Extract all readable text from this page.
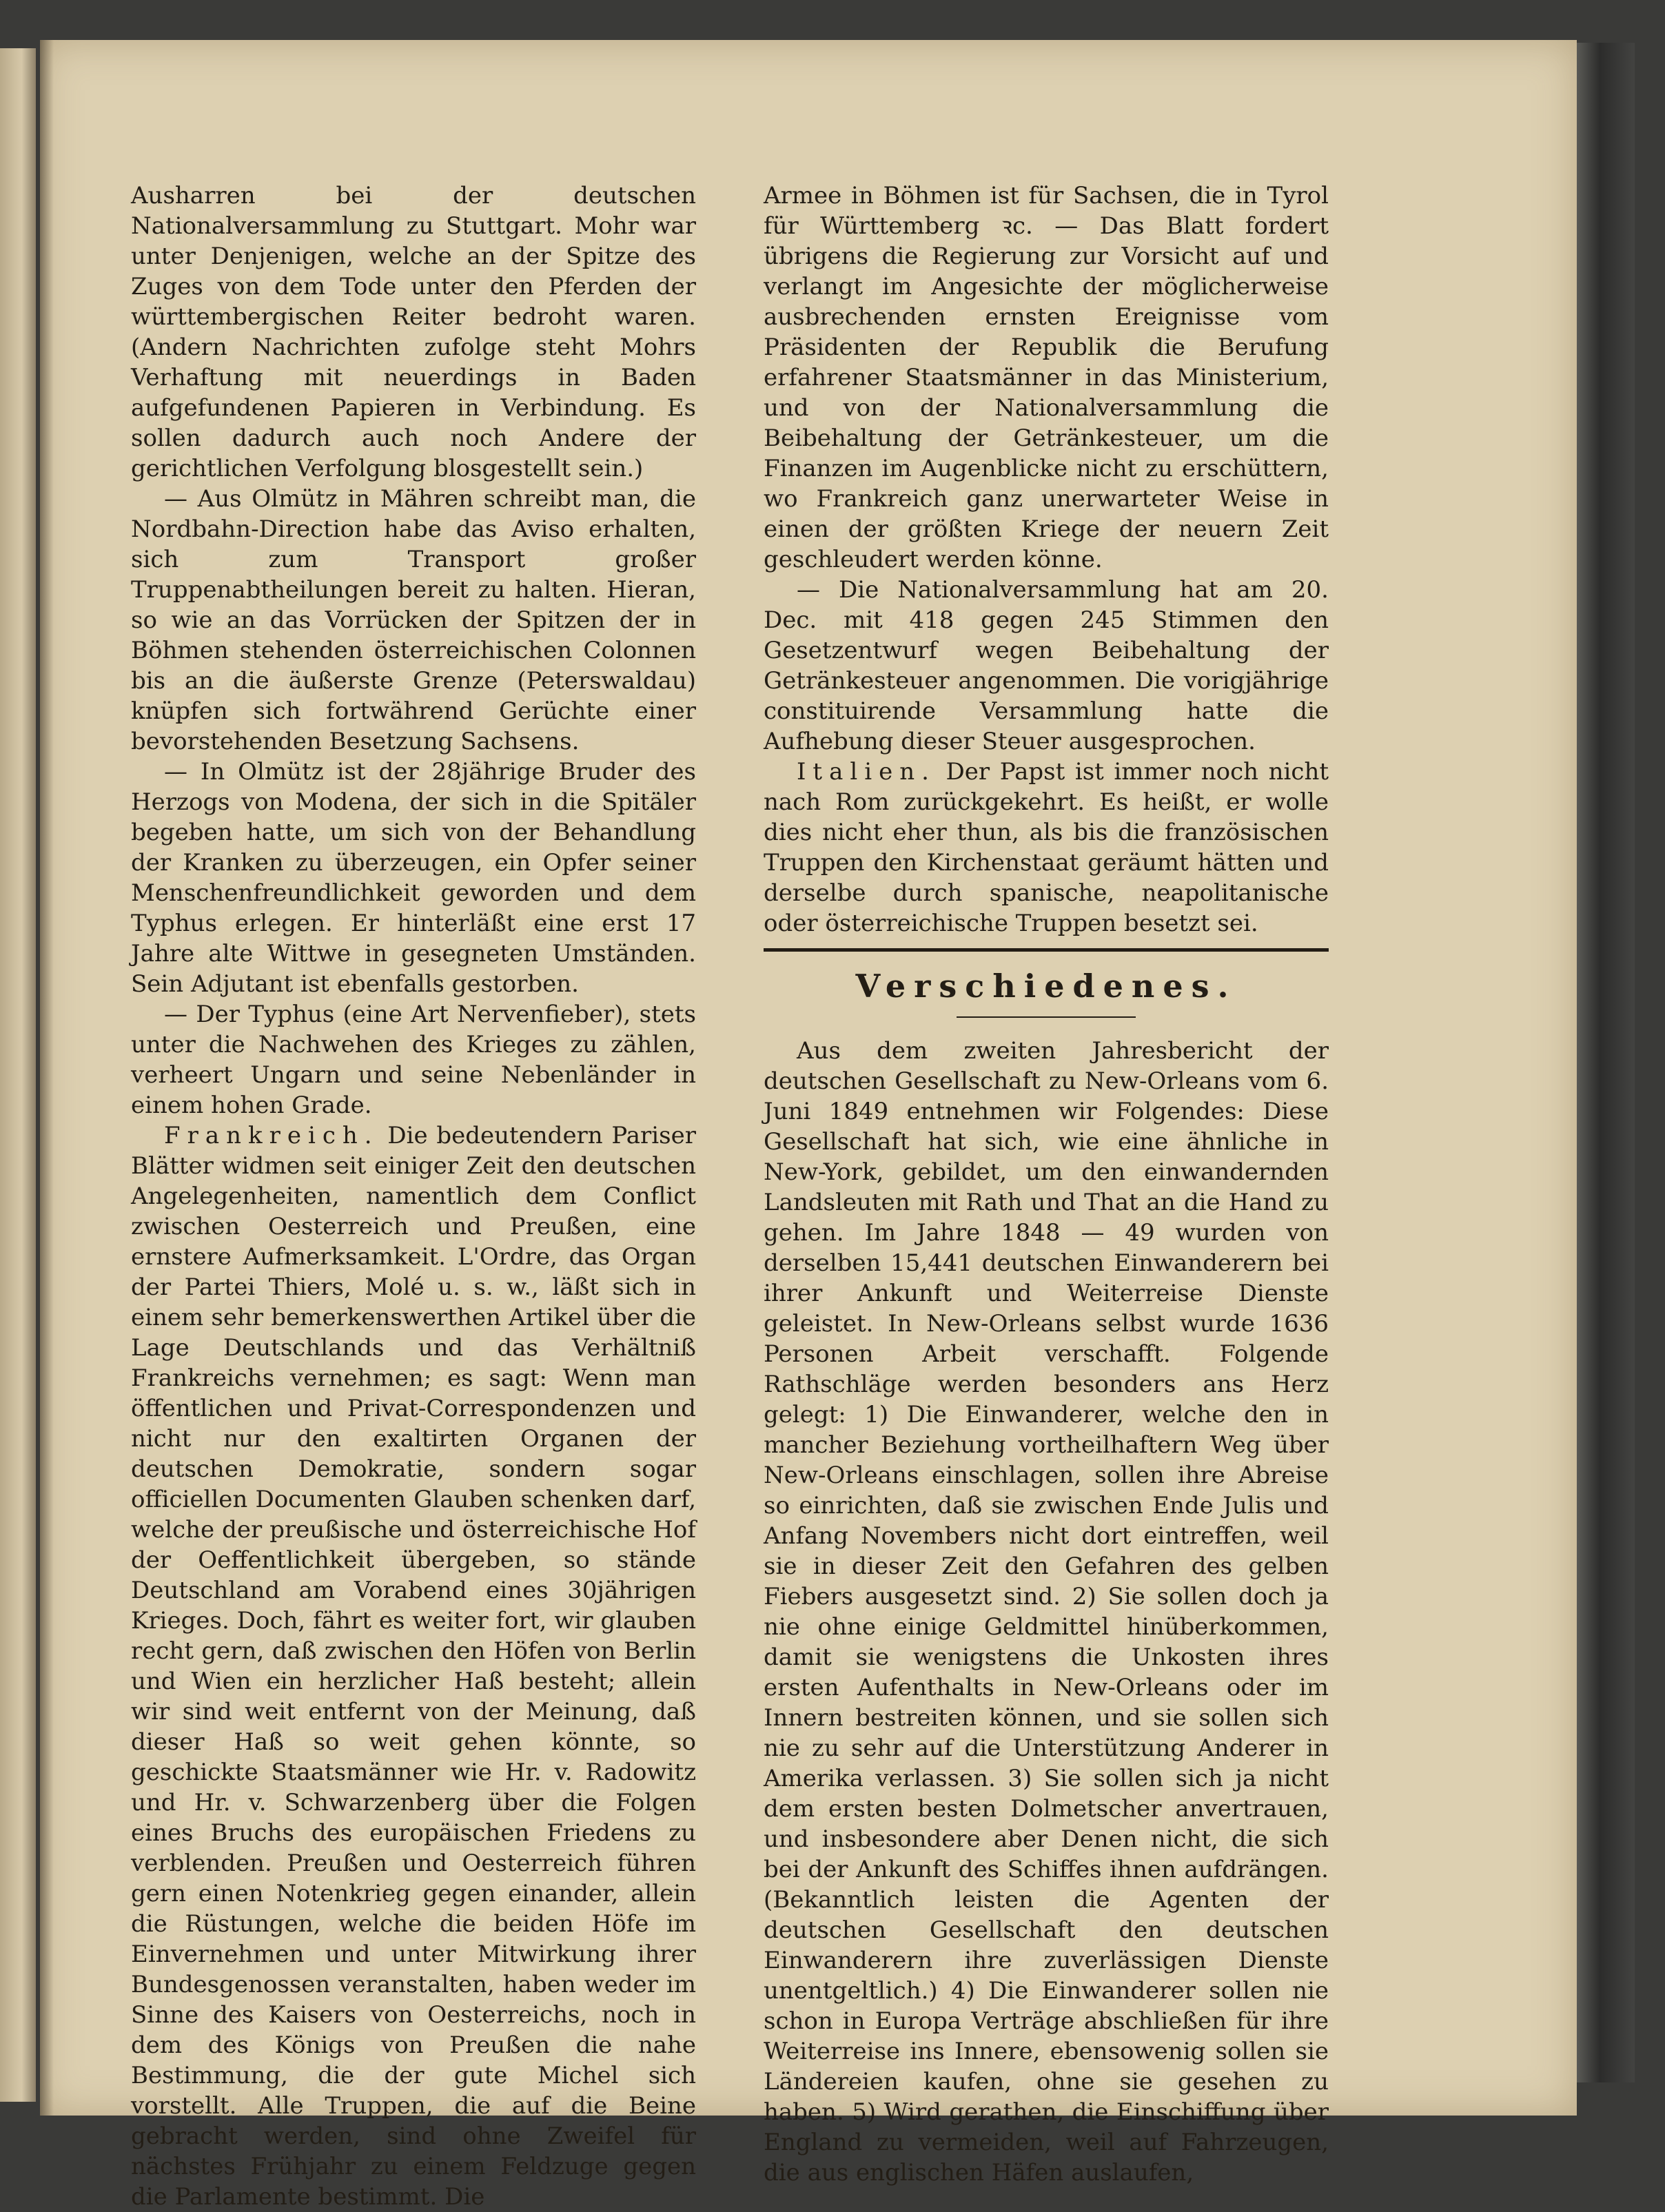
Ausharren bei der deutschen Nationalversammlung zu Stuttgart. Mohr war unter Denjenigen, welche an der Spitze des Zuges von dem Tode unter den Pferden der württembergischen Reiter bedroht waren. (Andern Nachrichten zufolge steht Mohrs Verhaftung mit neuerdings in Baden aufgefundenen Papieren in Verbindung. Es sollen dadurch auch noch Andere der gerichtlichen Verfolgung blosgestellt sein.)

— Aus Olmütz in Mähren schreibt man, die Nordbahn-Direction habe das Aviso erhalten, sich zum Transport großer Truppenabtheilungen bereit zu halten. Hieran, so wie an das Vorrücken der Spitzen der in Böhmen stehenden österreichischen Colonnen bis an die äußerste Grenze (Peterswaldau) knüpfen sich fortwährend Gerüchte einer bevorstehenden Besetzung Sachsens.

— In Olmütz ist der 28jährige Bruder des Herzogs von Modena, der sich in die Spitäler begeben hatte, um sich von der Behandlung der Kranken zu überzeugen, ein Opfer seiner Menschenfreundlichkeit geworden und dem Typhus erlegen. Er hinterläßt eine erst 17 Jahre alte Wittwe in gesegneten Umständen. Sein Adjutant ist ebenfalls gestorben.

— Der Typhus (eine Art Nervenfieber), stets unter die Nachwehen des Krieges zu zählen, verheert Ungarn und seine Nebenländer in einem hohen Grade.

Frankreich. Die bedeutendern Pariser Blätter widmen seit einiger Zeit den deutschen Angelegenheiten, namentlich dem Conflict zwischen Oesterreich und Preußen, eine ernstere Aufmerksamkeit. L'Ordre, das Organ der Partei Thiers, Molé u. s. w., läßt sich in einem sehr bemerkenswerthen Artikel über die Lage Deutschlands und das Verhältniß Frankreichs vernehmen; es sagt: Wenn man öffentlichen und Privat-Correspondenzen und nicht nur den exaltirten Organen der deutschen Demokratie, sondern sogar officiellen Documenten Glauben schenken darf, welche der preußische und österreichische Hof der Oeffentlichkeit übergeben, so stände Deutschland am Vorabend eines 30jährigen Krieges. Doch, fährt es weiter fort, wir glauben recht gern, daß zwischen den Höfen von Berlin und Wien ein herzlicher Haß besteht; allein wir sind weit entfernt von der Meinung, daß dieser Haß so weit gehen könnte, so geschickte Staatsmänner wie Hr. v. Radowitz und Hr. v. Schwarzenberg über die Folgen eines Bruchs des europäischen Friedens zu verblenden. Preußen und Oesterreich führen gern einen Notenkrieg gegen einander, allein die Rüstungen, welche die beiden Höfe im Einvernehmen und unter Mitwirkung ihrer Bundesgenossen veranstalten, haben weder im Sinne des Kaisers von Oesterreichs, noch in dem des Königs von Preußen die nahe Bestimmung, die der gute Michel sich vorstellt. Alle Truppen, die auf die Beine gebracht werden, sind ohne Zweifel für nächstes Frühjahr zu einem Feldzuge gegen die Parlamente bestimmt. Die

Armee in Böhmen ist für Sachsen, die in Tyrol für Württemberg ꝛc. — Das Blatt fordert übrigens die Regierung zur Vorsicht auf und verlangt im Angesichte der möglicherweise ausbrechenden ernsten Ereignisse vom Präsidenten der Republik die Berufung erfahrener Staatsmänner in das Ministerium, und von der Nationalversammlung die Beibehaltung der Getränkesteuer, um die Finanzen im Augenblicke nicht zu erschüttern, wo Frankreich ganz unerwarteter Weise in einen der größten Kriege der neuern Zeit geschleudert werden könne.

— Die Nationalversammlung hat am 20. Dec. mit 418 gegen 245 Stimmen den Gesetzentwurf wegen Beibehaltung der Getränkesteuer angenommen. Die vorigjährige constituirende Versammlung hatte die Aufhebung dieser Steuer ausgesprochen.

Italien. Der Papst ist immer noch nicht nach Rom zurückgekehrt. Es heißt, er wolle dies nicht eher thun, als bis die französischen Truppen den Kirchenstaat geräumt hätten und derselbe durch spanische, neapolitanische oder österreichische Truppen besetzt sei.

Verschiedenes.

Aus dem zweiten Jahresbericht der deutschen Gesellschaft zu New-Orleans vom 6. Juni 1849 entnehmen wir Folgendes: Diese Gesellschaft hat sich, wie eine ähnliche in New-York, gebildet, um den einwandernden Landsleuten mit Rath und That an die Hand zu gehen. Im Jahre 1848 — 49 wurden von derselben 15,441 deutschen Einwanderern bei ihrer Ankunft und Weiterreise Dienste geleistet. In New-Orleans selbst wurde 1636 Personen Arbeit verschafft. Folgende Rathschläge werden besonders ans Herz gelegt: 1) Die Einwanderer, welche den in mancher Beziehung vortheilhaftern Weg über New-Orleans einschlagen, sollen ihre Abreise so einrichten, daß sie zwischen Ende Julis und Anfang Novembers nicht dort eintreffen, weil sie in dieser Zeit den Gefahren des gelben Fiebers ausgesetzt sind. 2) Sie sollen doch ja nie ohne einige Geldmittel hinüberkommen, damit sie wenigstens die Unkosten ihres ersten Aufenthalts in New-Orleans oder im Innern bestreiten können, und sie sollen sich nie zu sehr auf die Unterstützung Anderer in Amerika verlassen. 3) Sie sollen sich ja nicht dem ersten besten Dolmetscher anvertrauen, und insbesondere aber Denen nicht, die sich bei der Ankunft des Schiffes ihnen aufdrängen. (Bekanntlich leisten die Agenten der deutschen Gesellschaft den deutschen Einwanderern ihre zuverlässigen Dienste unentgeltlich.) 4) Die Einwanderer sollen nie schon in Europa Verträge abschließen für ihre Weiterreise ins Innere, ebensowenig sollen sie Ländereien kaufen, ohne sie gesehen zu haben. 5) Wird gerathen, die Einschiffung über England zu vermeiden, weil auf Fahrzeugen, die aus englischen Häfen auslaufen,
